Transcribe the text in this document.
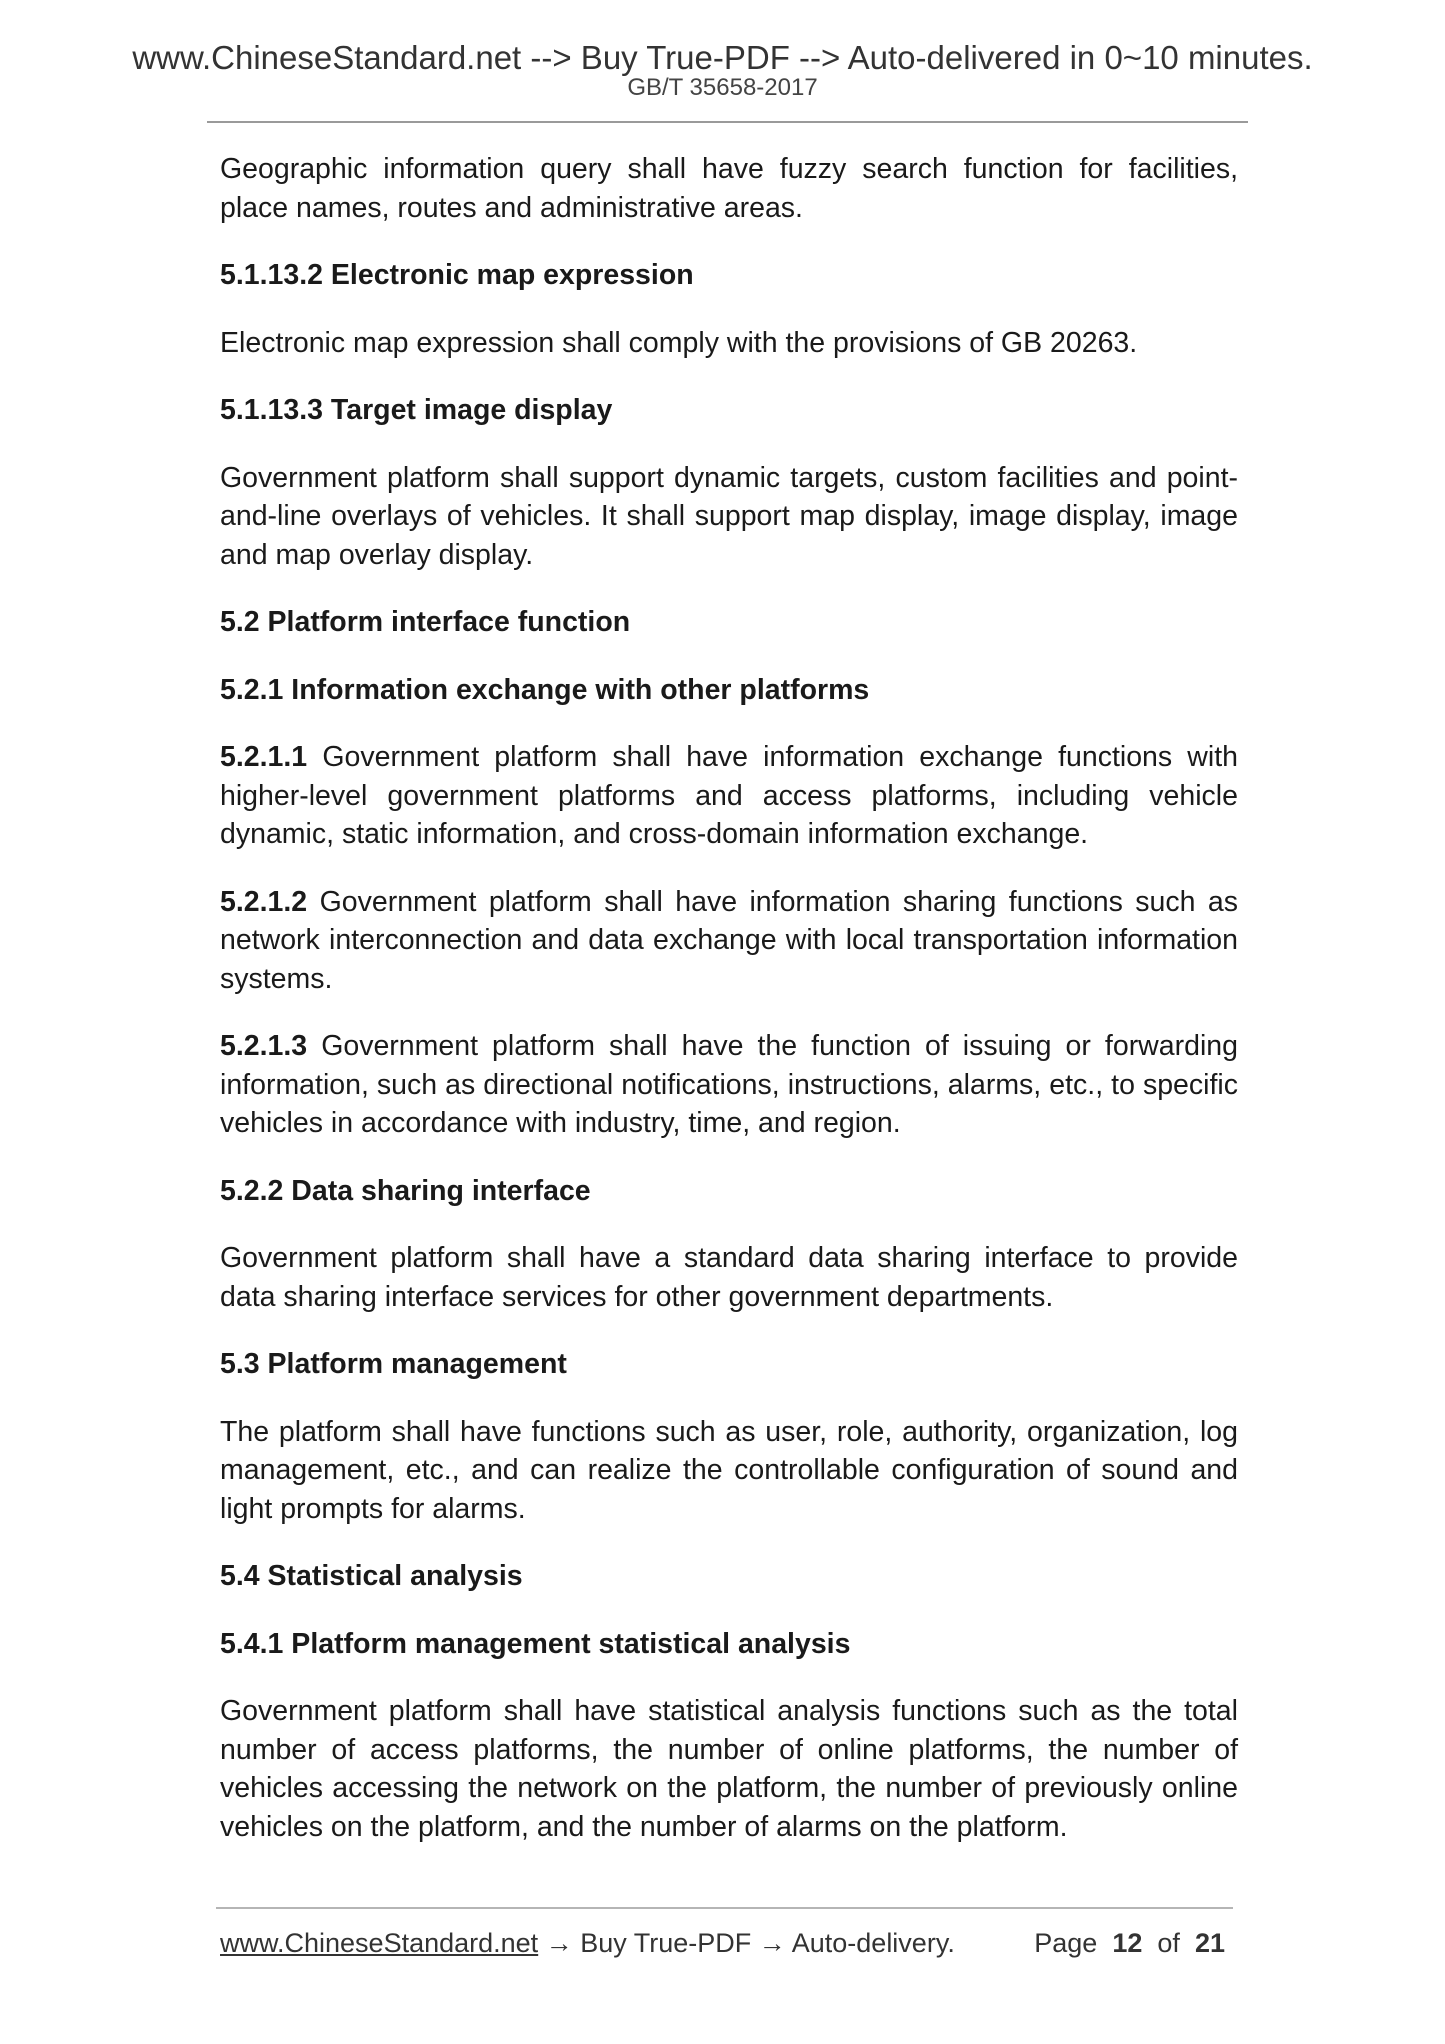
www.ChineseStandard.net --> Buy True-PDF --> Auto-delivered in 0~10 minutes.
GB/T 35658-2017

Geographic information query shall have fuzzy search function for facilities, place names, routes and administrative areas.

5.1.13.2 Electronic map expression

Electronic map expression shall comply with the provisions of GB 20263.

5.1.13.3 Target image display

Government platform shall support dynamic targets, custom facilities and point-and-line overlays of vehicles. It shall support map display, image display, image and map overlay display.

5.2 Platform interface function

5.2.1 Information exchange with other platforms

5.2.1.1 Government platform shall have information exchange functions with higher-level government platforms and access platforms, including vehicle dynamic, static information, and cross-domain information exchange.

5.2.1.2 Government platform shall have information sharing functions such as network interconnection and data exchange with local transportation information systems.

5.2.1.3 Government platform shall have the function of issuing or forwarding information, such as directional notifications, instructions, alarms, etc., to specific vehicles in accordance with industry, time, and region.

5.2.2 Data sharing interface

Government platform shall have a standard data sharing interface to provide data sharing interface services for other government departments.

5.3 Platform management

The platform shall have functions such as user, role, authority, organization, log management, etc., and can realize the controllable configuration of sound and light prompts for alarms.

5.4 Statistical analysis

5.4.1 Platform management statistical analysis

Government platform shall have statistical analysis functions such as the total number of access platforms, the number of online platforms, the number of vehicles accessing the network on the platform, the number of previously online vehicles on the platform, and the number of alarms on the platform.

www.ChineseStandard.net → Buy True-PDF → Auto-delivery.	Page 12 of 21
